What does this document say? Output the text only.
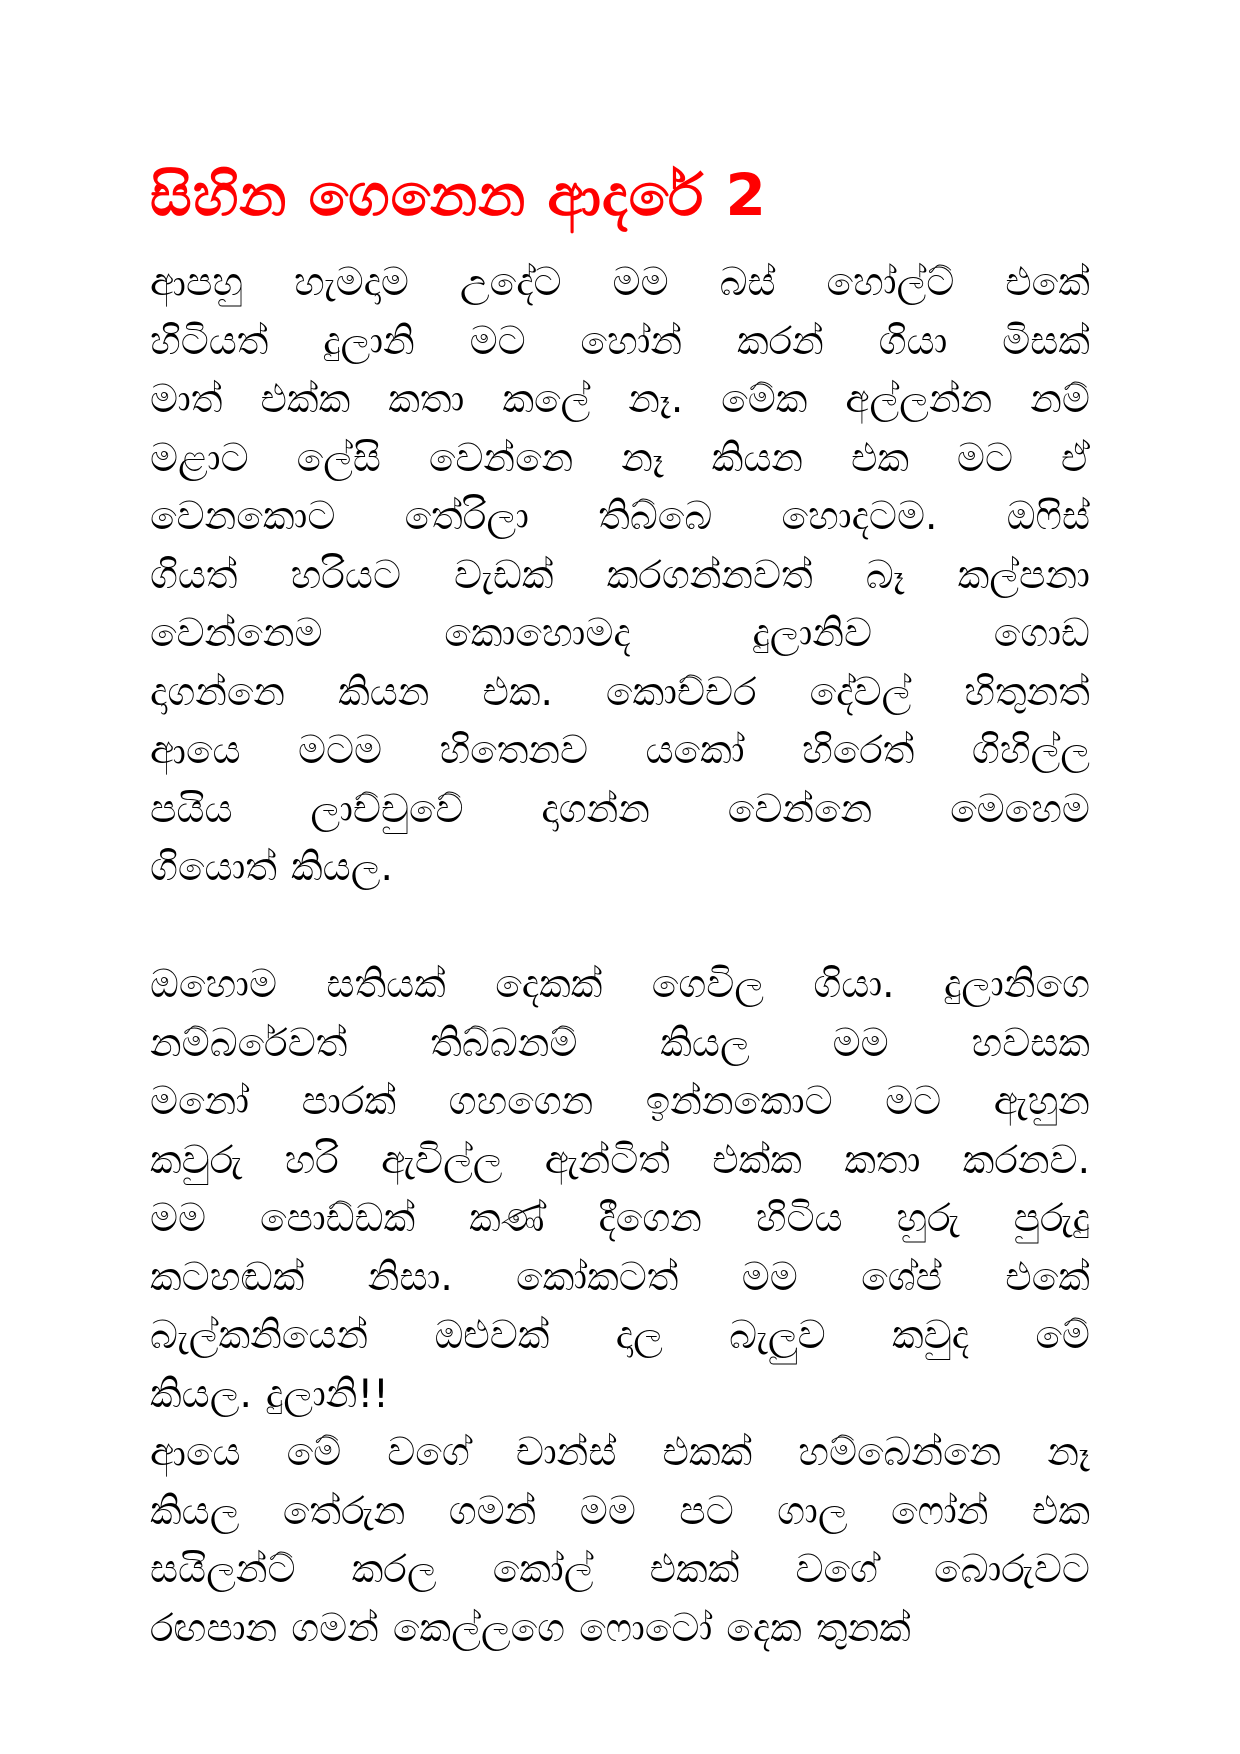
සිහින ගෙනෙන ආදරේ 2
ආපහු හැමදාම උදේට මම බස් හෝල්ට් එකේ
හිටියත් දුලානි මට හෝන් කරන් ගියා මිසක්
මාත් එක්ක කතා කලේ නෑ. මේක අල්ලන්න නම්
මළාට ලේසි වෙන්නෙ නෑ කියන එක මට ඒ
වෙනකොට තේරිලා තිබ්බෙ හොදටම. ඔෆිස්
ගියත් හරියට වැඩක් කරගන්නවත් බෑ කල්පනා
වෙන්නෙම	කොහොමද	දුලානිව	ගොඩ
දාගන්නෙ කියන එක. කොච්චර දේවල් හිතුනත්
ආයෙ මටම හිතෙනව යකෝ හිරෙත් ගිහිල්ල
පයිය ලාච්චුවේ දාගන්න වෙන්නෙ මෙහෙම
ගියොත් කියල.
ඔහොම සතියක් දෙකක් ගෙවිල ගියා. දුලානිගෙ
නම්බරේවත් තිබ්බනම් කියල මම හවසක
මනෝ පාරක් ගහගෙන ඉන්නකොට මට ඇහුන
කවුරු හරි ඇවිල්ල ඇන්ටිත් එක්ක කතා කරනව.
මම පොඩ්ඩක් කණ් දීගෙන හිටිය හුරු පුරුදු
කටහඬක් නිසා. කෝකටත් මම ශේප් එකේ
බැල්කනියෙන් ඔළුවක් දාල බැලුව කවුද මේ
කියල. දුලානි!!
ආයෙ මේ වගේ චාන්ස් එකක් හම්බෙන්නෙ නෑ
කියල තේරුන ගමන් මම පට ගාල ෆෝන් එක
සයිලන්ට් කරල කෝල් එකක් වගේ බොරුවට
රඟපාන ගමන් කෙල්ලගෙ ෆොටෝ දෙක තුනක්
